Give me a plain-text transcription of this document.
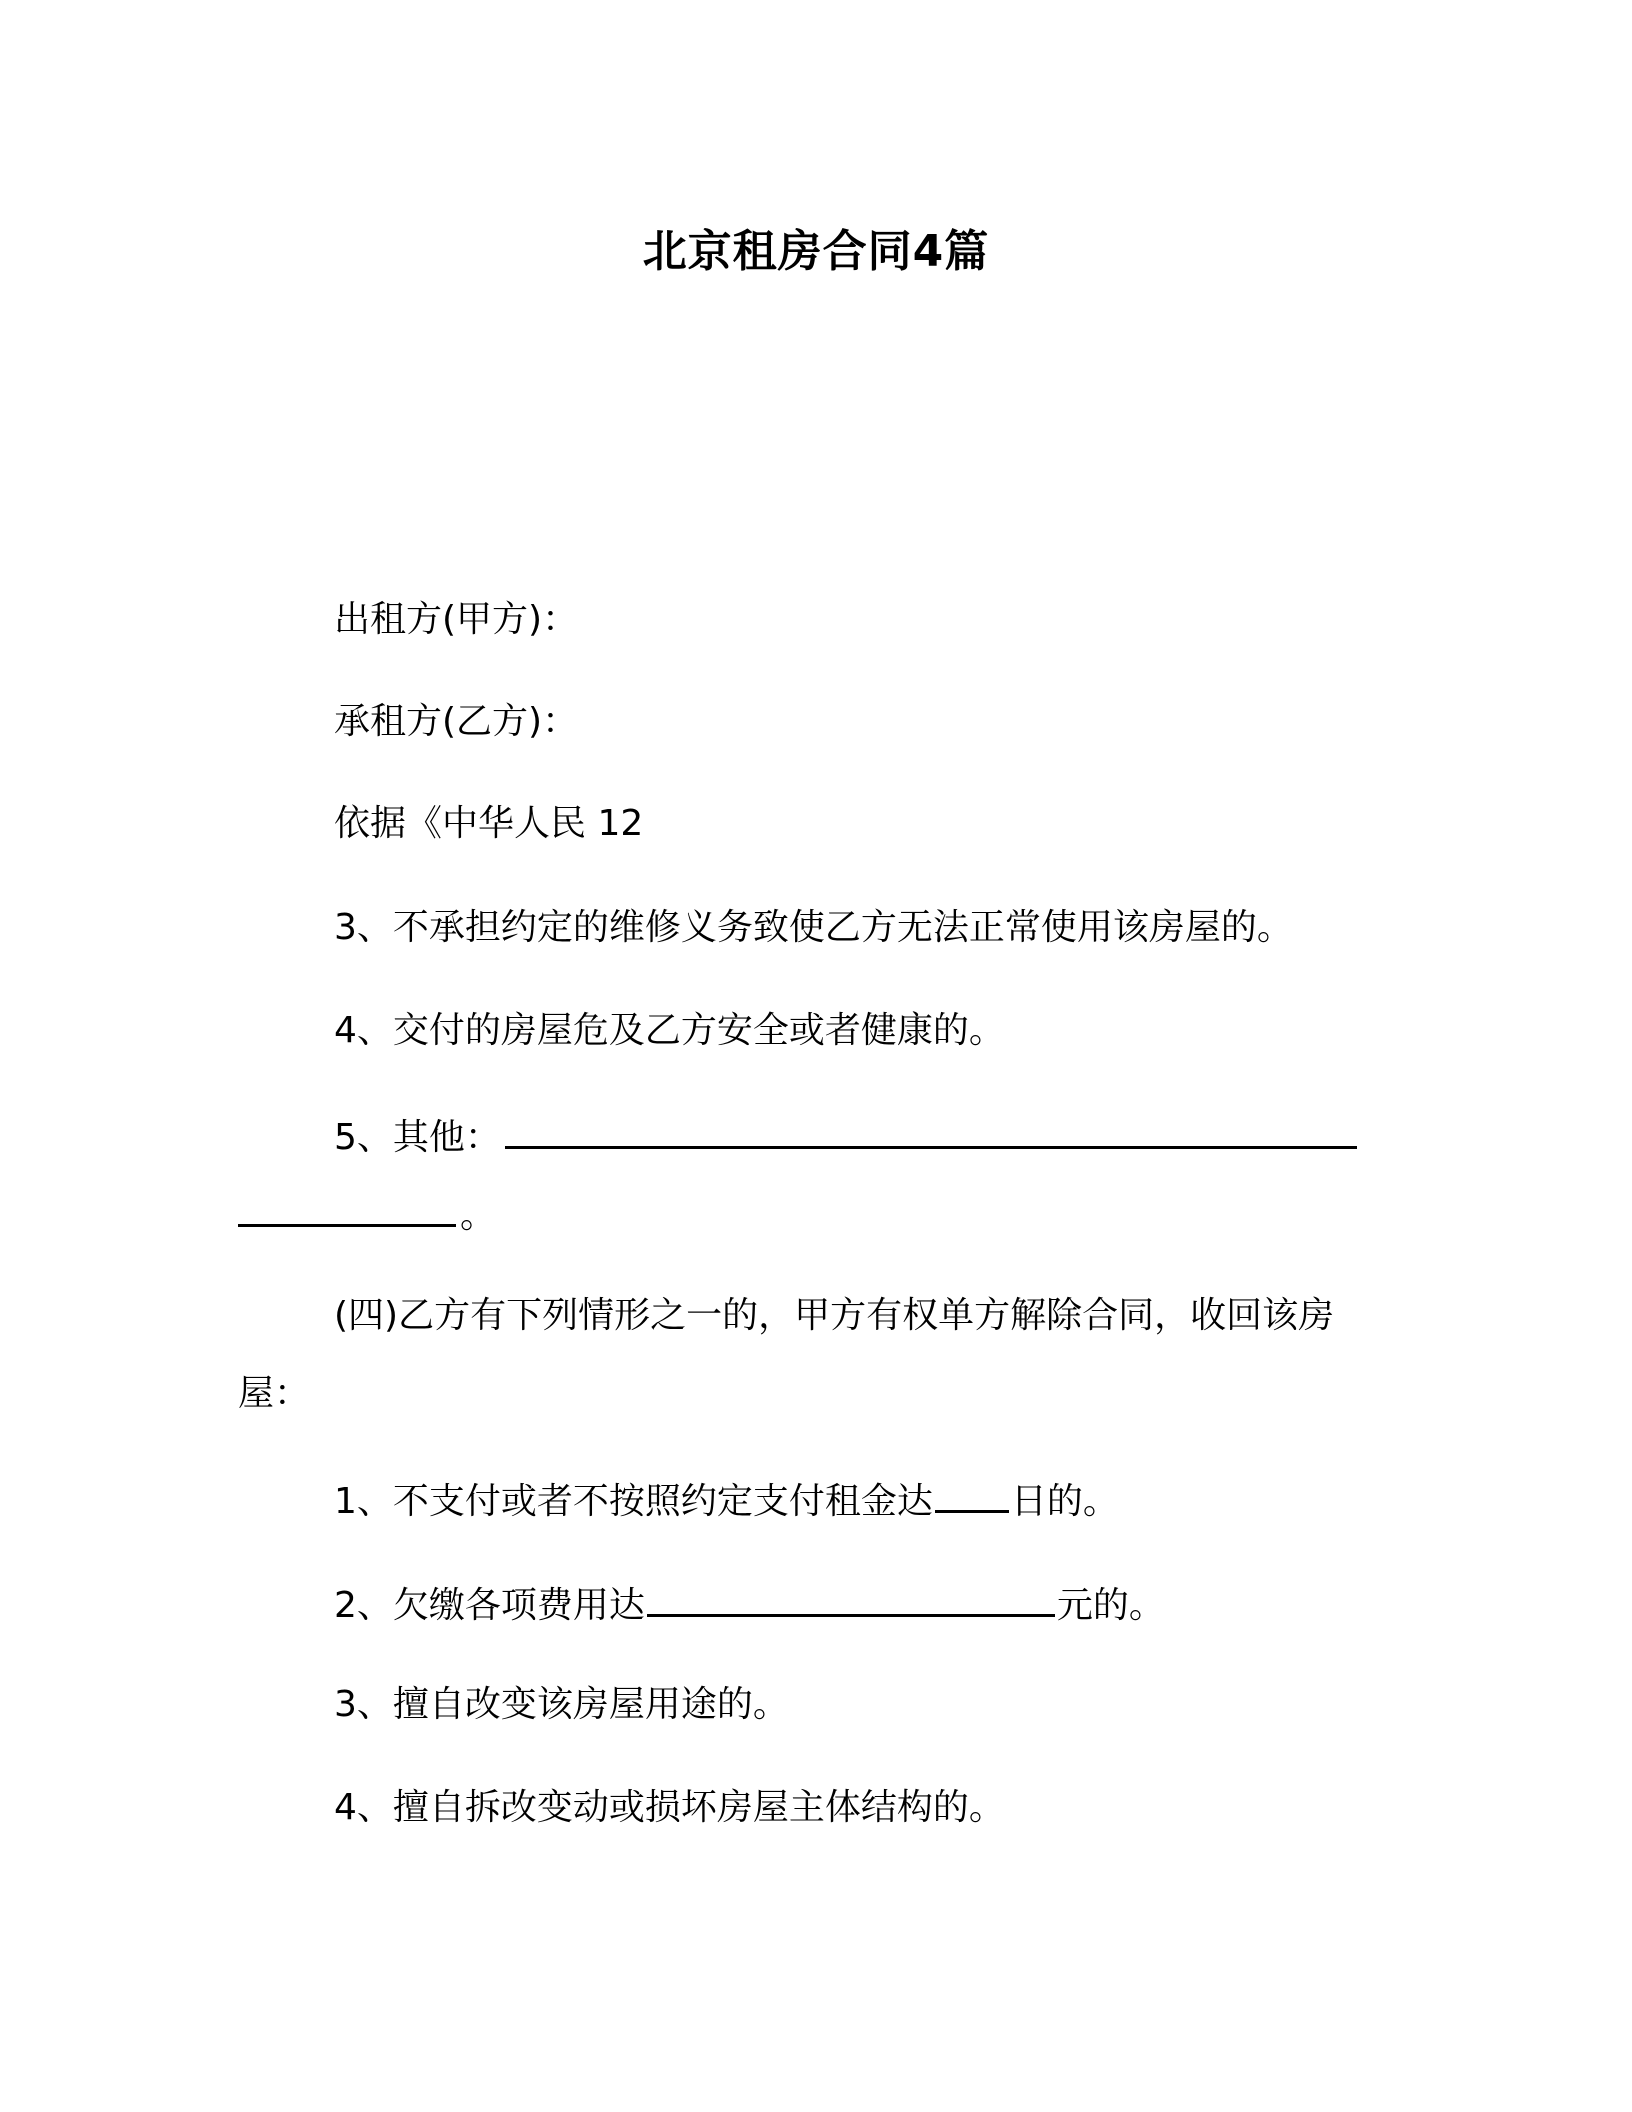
北京租房合同4篇
出租方(甲方)：
承租方(乙方)：
依据《中华人民 12
3、不承担约定的维修义务致使乙方无法正常使用该房屋的。
4、交付的房屋危及乙方安全或者健康的。
5、其他：
。
(四)乙方有下列情形之一的，甲方有权单方解除合同，收回该房
屋：
1、不支付或者不按照约定支付租金达 日的。
2、欠缴各项费用达	元的。
3、擅自改变该房屋用途的。
4、擅自拆改变动或损坏房屋主体结构的。
